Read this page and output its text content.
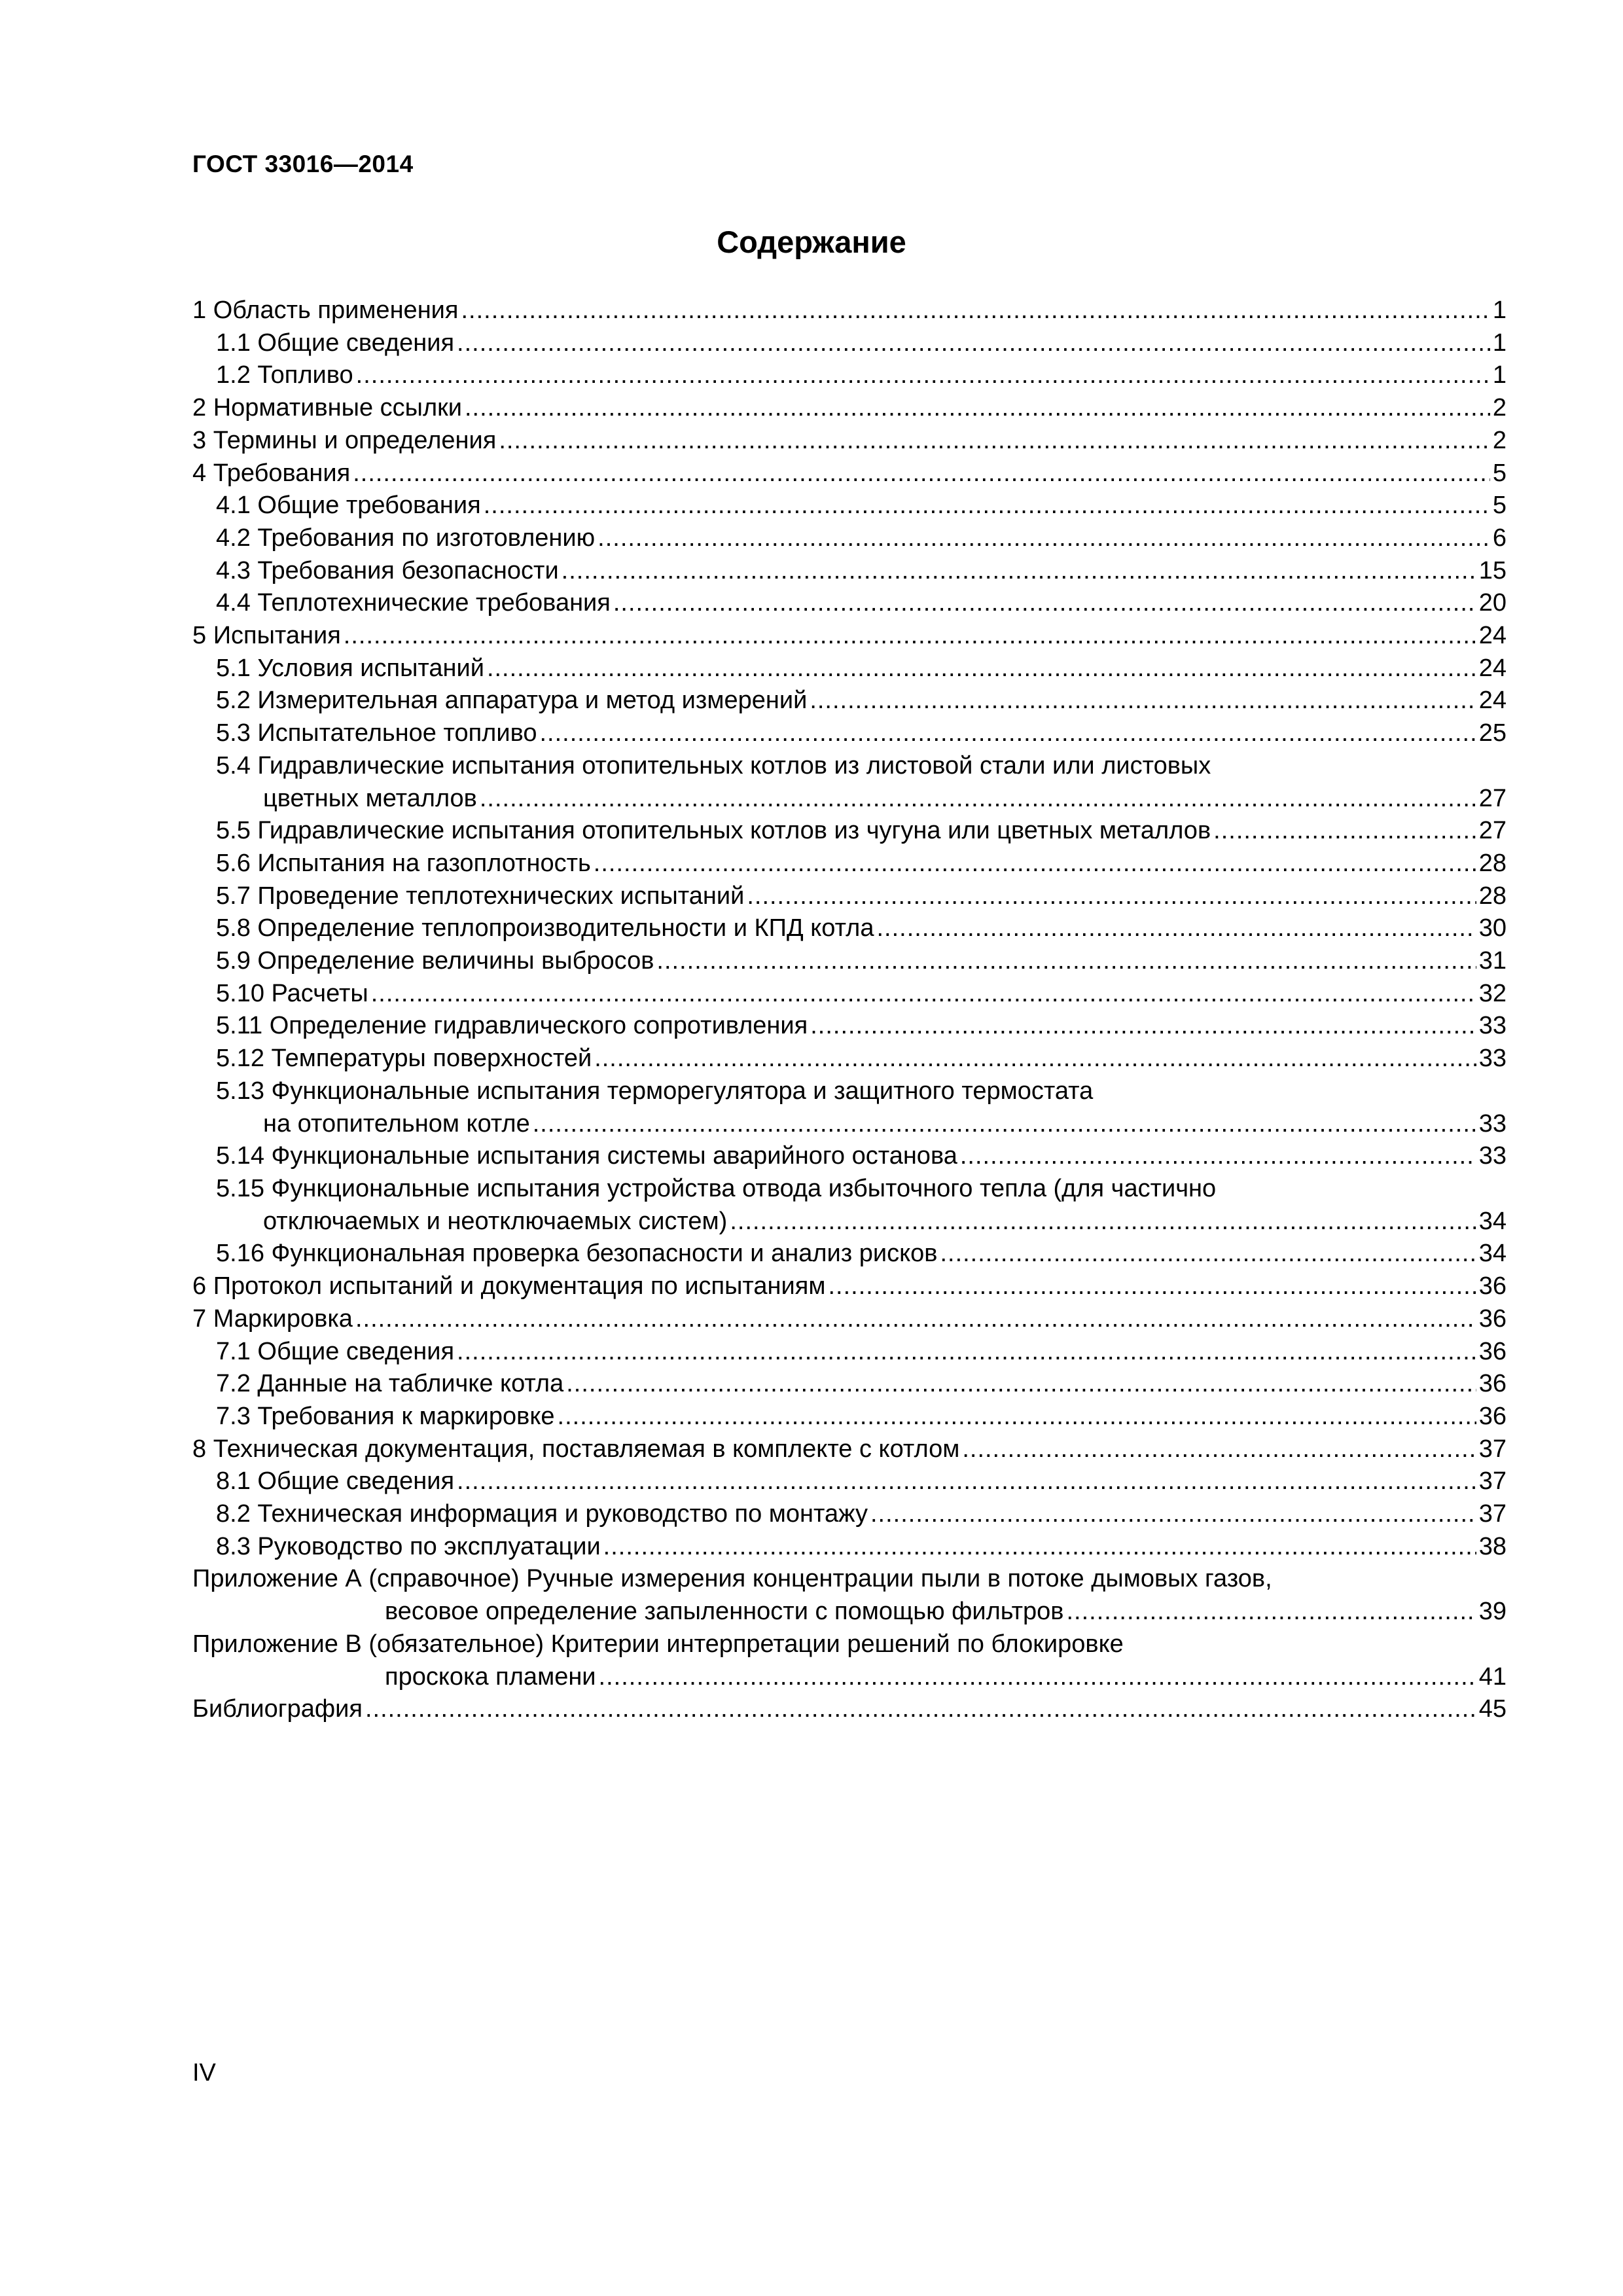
ГОСТ 33016—2014
Содержание
1 Область применения .....	1
1.1 Общие сведения .....	1
1.2 Топливо .....	1
2 Нормативные ссылки .....	2
3 Термины и определения .....	2
4 Требования .....	5
4.1 Общие требования .....	5
4.2 Требования по изготовлению .....	6
4.3 Требования безопасности .....	15
4.4 Теплотехнические требования .....	20
5 Испытания .....	24
5.1 Условия испытаний .....	24
5.2 Измерительная аппаратура и метод измерений .....	24
5.3 Испытательное топливо .....	25
5.4 Гидравлические испытания отопительных котлов из листовой стали или листовых
цветных металлов .....	27
5.5 Гидравлические испытания отопительных котлов из чугуна или цветных металлов .....	27
5.6 Испытания на газоплотность .....	28
5.7 Проведение теплотехнических испытаний .....	28
5.8 Определение теплопроизводительности и КПД котла .....	30
5.9 Определение величины выбросов .....	31
5.10 Расчеты .....	32
5.11 Определение гидравлического сопротивления .....	33
5.12 Температуры поверхностей .....	33
5.13 Функциональные испытания терморегулятора и защитного термостата
на отопительном котле .....	33
5.14 Функциональные испытания системы аварийного останова .....	33
5.15 Функциональные испытания устройства отвода избыточного тепла (для частично
отключаемых и неотключаемых систем) .....	34
5.16 Функциональная проверка безопасности и анализ рисков .....	34
6 Протокол испытаний и документация по испытаниям .....	36
7 Маркировка .....	36
7.1 Общие сведения .....	36
7.2 Данные на табличке котла .....	36
7.3 Требования к маркировке .....	36
8 Техническая документация, поставляемая в комплекте с котлом .....	37
8.1 Общие сведения .....	37
8.2 Техническая информация и руководство по монтажу .....	37
8.3 Руководство по эксплуатации .....	38
Приложение А (справочное) Ручные измерения концентрации пыли в потоке дымовых газов,
весовое определение запыленности с помощью фильтров .....	39
Приложение В (обязательное) Критерии интерпретации решений по блокировке
проскока пламени .....	41
Библиография .....	45
IV
